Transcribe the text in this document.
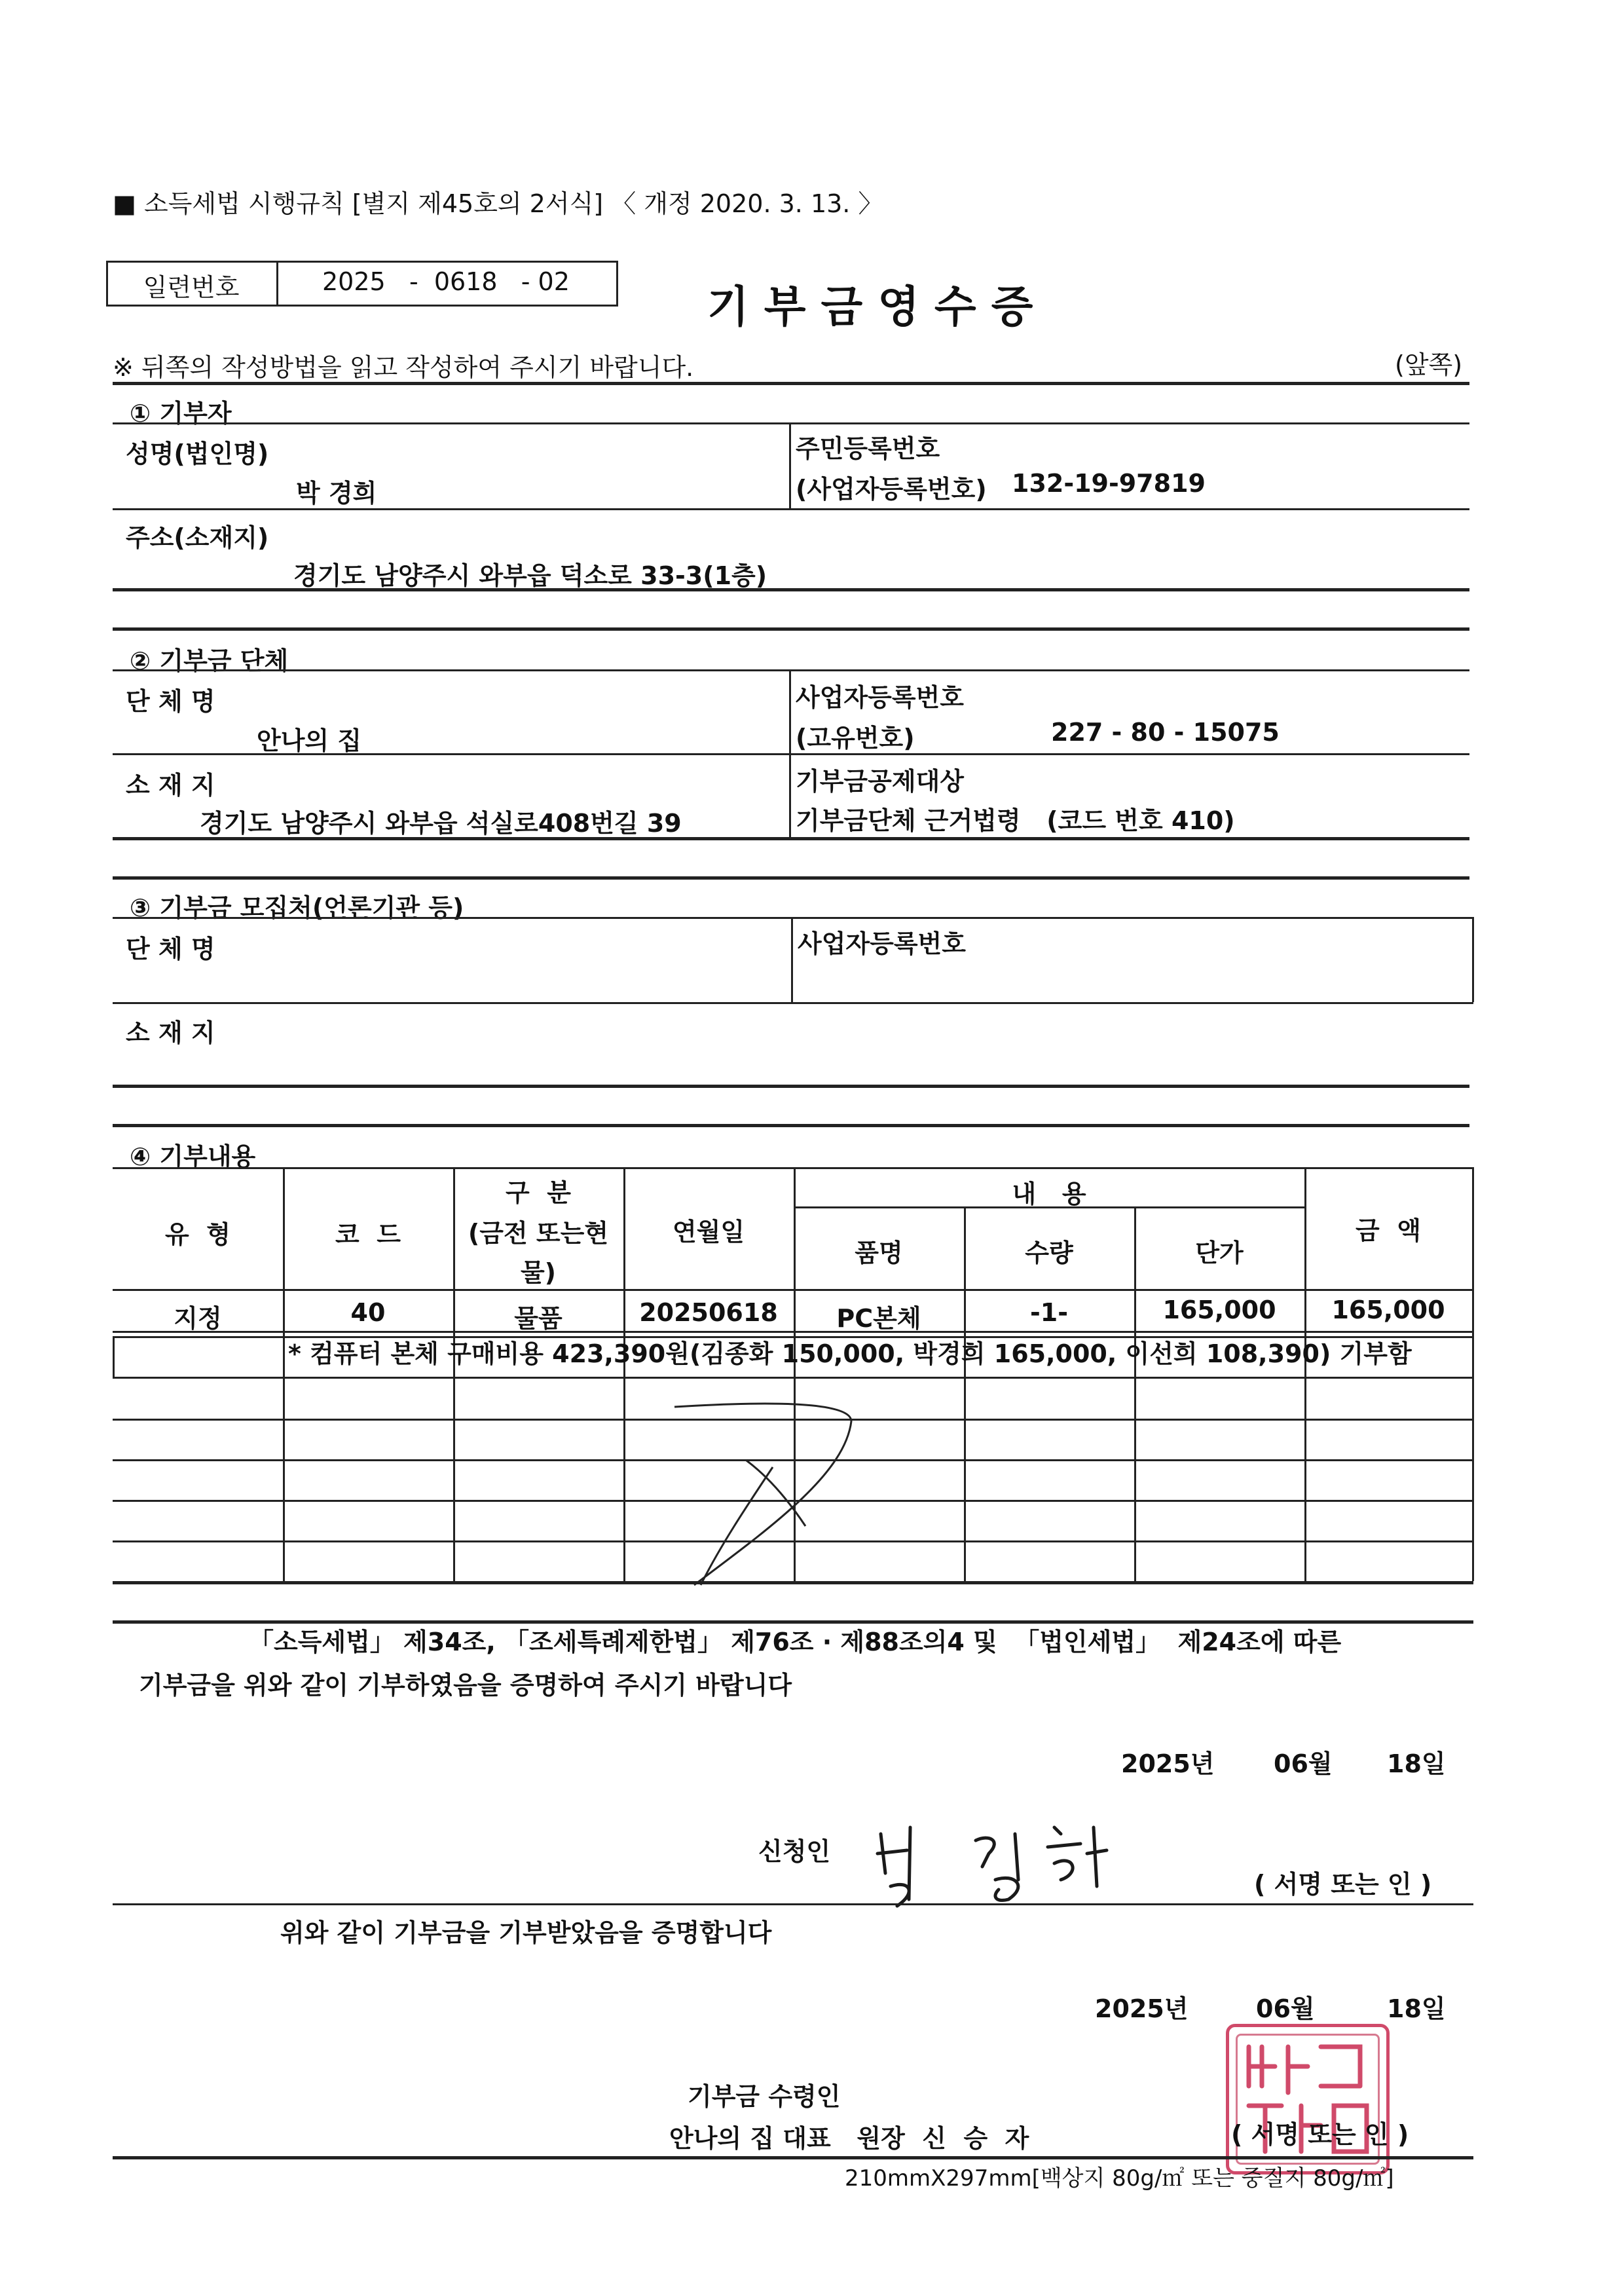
■ 소득세법 시행규칙 [별지 제45호의 2서식] 〈 개정 2020. 3. 13. 〉
일련번호	2025   -  0618   - 02	기 부 금 영 수 증
※ 뒤쪽의 작성방법을 읽고 작성하여 주시기 바랍니다.	(앞쪽)
① 기부자
성명(법인명)
박 경희
주민등록번호
(사업자등록번호) 132-19-97819
주소(소재지)
경기도 남양주시 와부읍 덕소로 33-3(1층)
② 기부금 단체
단 체 명
안나의 집
사업자등록번호
(고유번호)	227 - 80 - 15075
소 재 지
경기도 남양주시 와부읍 석실로408번길 39
기부금공제대상
기부금단체 근거법령   (코드 번호 410)
③ 기부금 모집처(언론기관 등)
단 체 명	사업자등록번호
소 재 지
④ 기부내용
유  형	코  드
구  분
(금전 또는현
물)
연월일
내   용
품명	수량	단가
금  액
지정	40	물품	20250618	PC본체	-1-	165,000	165,000
* 컴퓨터 본체 구매비용 423,390원(김종화 150,000, 박경희 165,000, 이선희 108,390) 기부함
「소득세법」 제34조, 「조세특례제한법」 제76조 · 제88조의4 및  「법인세법」  제24조에 따른
기부금을 위와 같이 기부하였음을 증명하여 주시기 바랍니다
2025년 06월 18일
신청인
( 서명 또는 인 )
위와 같이 기부금을 기부받았음을 증명합니다
2025년	06월	18일
기부금 수령인
안나의 집 대표   원장  신  승  자	( 서명 또는 인 )
210mmX297mm[백상지 80g/㎡ 또는 중질지 80g/㎡]
